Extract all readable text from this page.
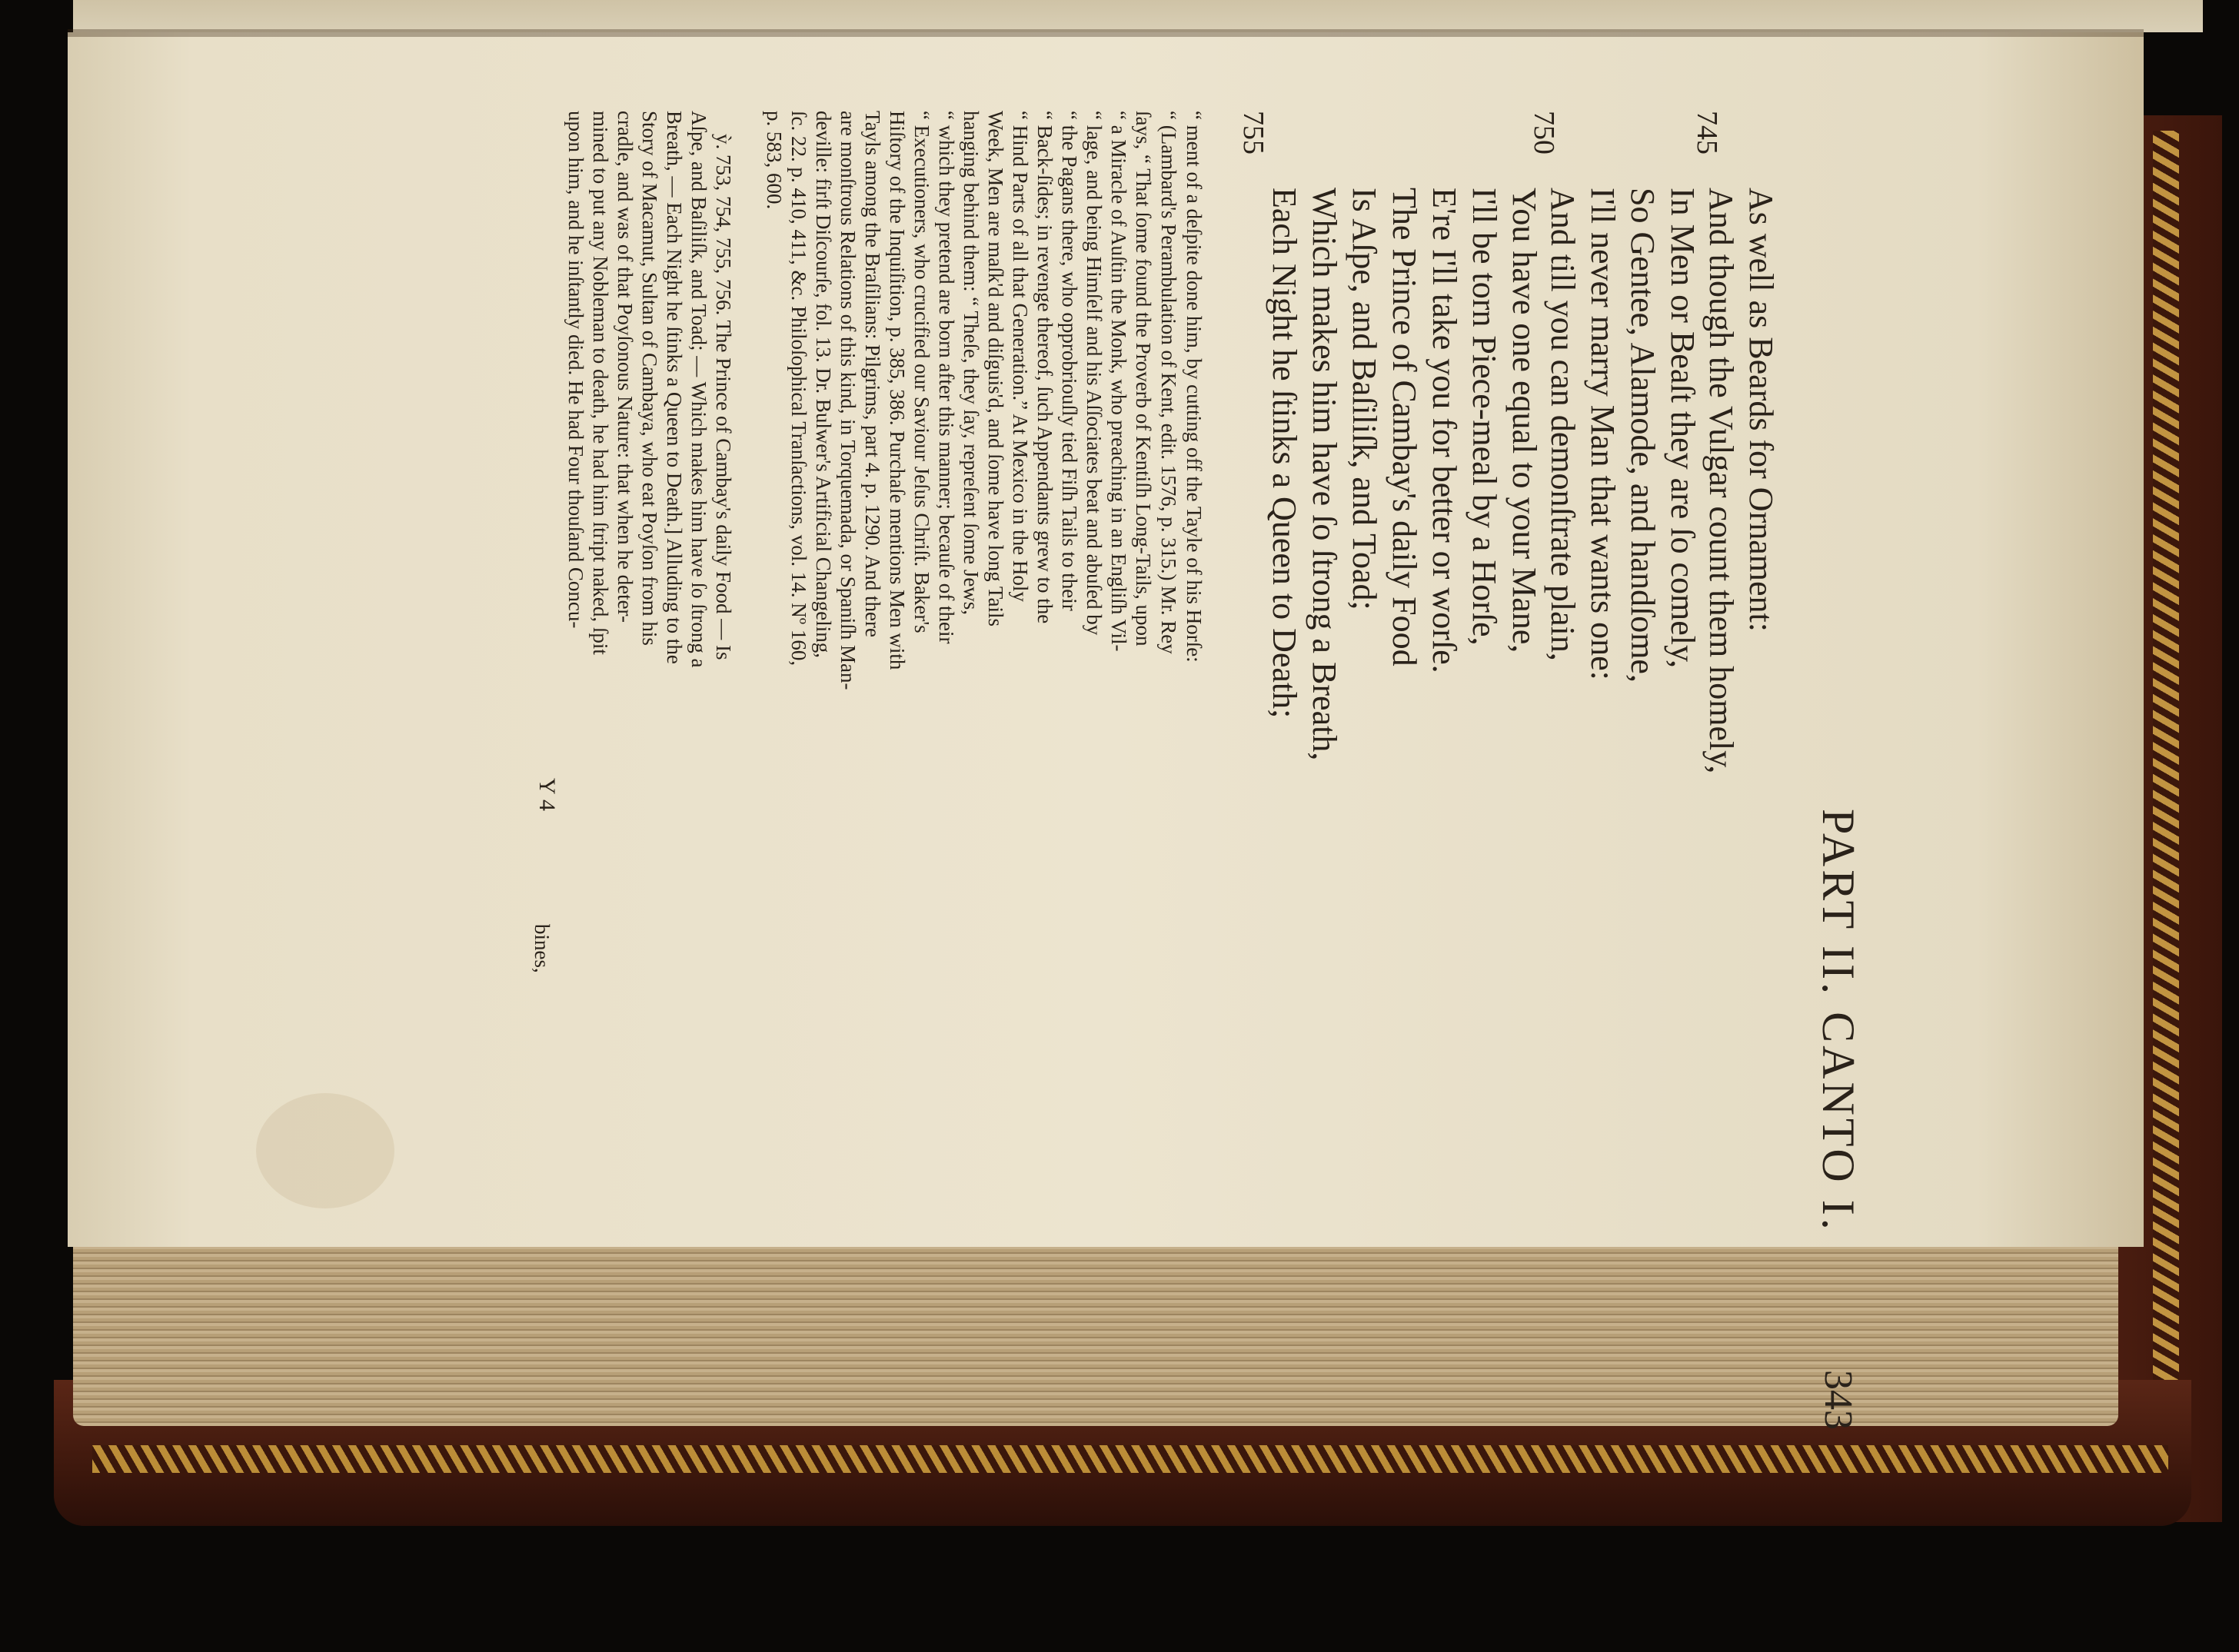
PART II. CANTO I.
343
745
750
755
As well as Beards for Ornament:
And though the Vulgar count them homely,
In Men or Beaſt they are ſo comely,
So Gentee, Alamode, and handſome,
I'll never marry Man that wants one:
And till you can demonſtrate plain,
You have one equal to your Mane,
I'll be torn Piece-meal by a Horſe,
E're I'll take you for better or worſe.
The Prince of Cambay's daily Food
Is Aſpe, and Baſiliſk, and Toad;
Which makes him have ſo ſtrong a Breath,
Each Night he ſtinks a Queen to Death;
“ ment of a deſpite done him, by cutting off the Tayle of his Horſe:
“ (Lambard's Perambulation of Kent, edit. 1576, p. 315.) Mr. Rey
ſays, “ That ſome found the Proverb of Kentiſh Long-Tails, upon
“ a Miracle of Auſtin the Monk, who preaching in an Engliſh Vil-
“ lage, and being Himſelf and his Aſſociates beat and abuſed by
“ the Pagans there, who opprobriouſly tied Fiſh Tails to their
“ Back-ſides; in revenge thereof, ſuch Appendants grew to the
“ Hind Parts of all that Generation.” At Mexico in the Holy
Week, Men are maſk'd and diſguis'd, and ſome have long Tails
hanging behind them: “ Theſe, they ſay, repreſent ſome Jews,
“ which they pretend are born after this manner; becauſe of their
“ Executioners, who crucified our Saviour Jeſus Chriſt. Baker's
Hiſtory of the Inquiſition, p. 385, 386. Purchaſe mentions Men with
Tayls among the Braſilians: Pilgrims, part 4. p. 1290. And there
are monſtrous Relations of this kind, in Torquemada, or Spaniſh Man-
deville: firſt Diſcourſe, fol. 13. Dr. Bulwer's Artificial Changeling,
ſc. 22. p. 410, 411, &c. Philoſophical Tranſactions, vol. 14. Nº 160,
p. 583, 600.
ỳ. 753, 754, 755, 756. The Prince of Cambay's daily Food — Is
Aſpe, and Baſiliſk, and Toad; — Which makes him have ſo ſtrong a
Breath, — Each Night he ſtinks a Queen to Death.] Alluding to the
Story of Macamut, Sultan of Cambaya, who eat Poyſon from his
cradle, and was of that Poyſonous Nature: that when he deter-
mined to put any Nobleman to death, he had him ſtript naked, ſpit
upon him, and he inſtantly died. He had Four thouſand Concu-
Y 4
bines,
